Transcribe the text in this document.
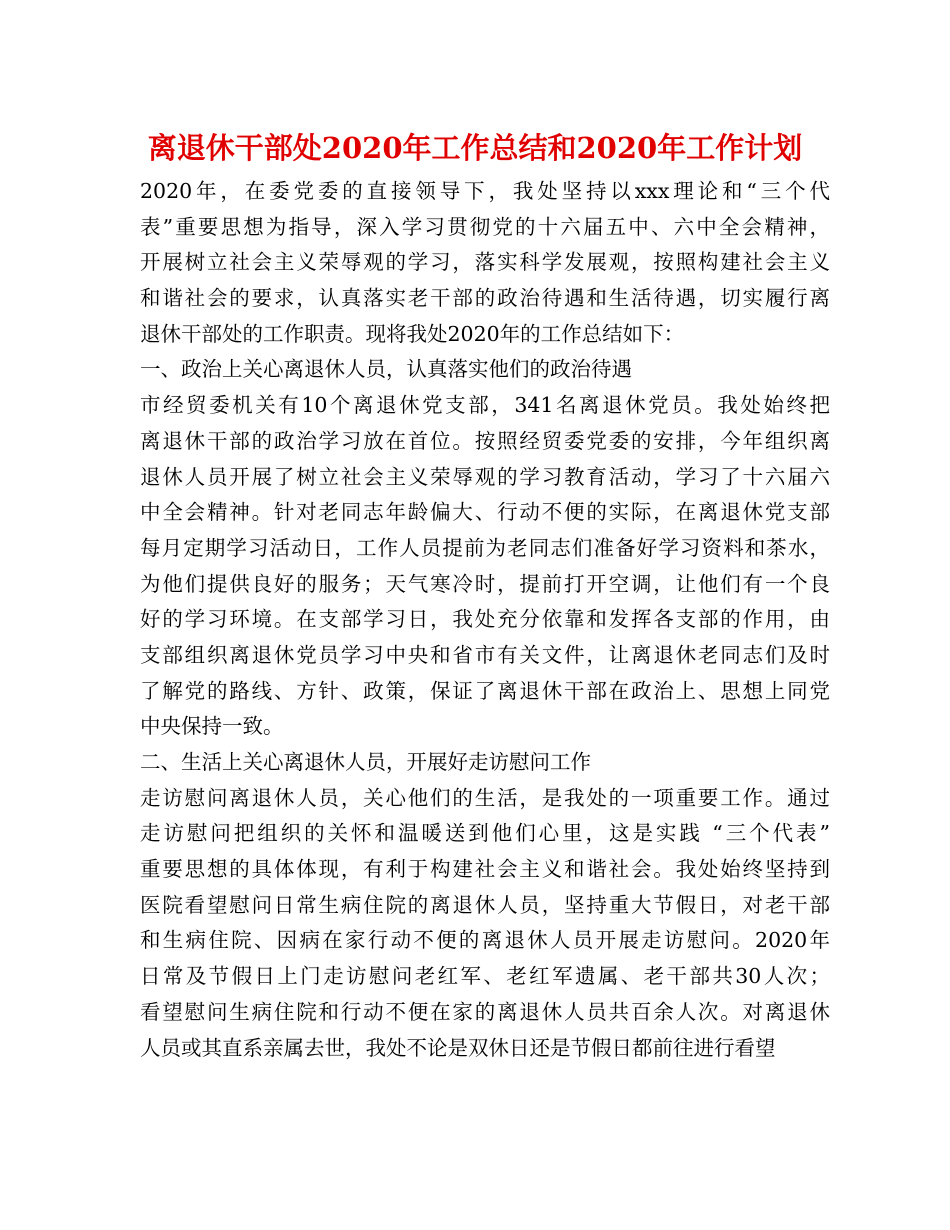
离退休干部处2020年工作总结和2020年工作计划
2020年，在委党委的直接领导下，我处坚持以xxx理论和“三个代
表”重要思想为指导，深入学习贯彻党的十六届五中、六中全会精神，
开展树立社会主义荣辱观的学习，落实科学发展观，按照构建社会主义
和谐社会的要求，认真落实老干部的政治待遇和生活待遇，切实履行离
退休干部处的工作职责。现将我处2020年的工作总结如下：
一、政治上关心离退休人员，认真落实他们的政治待遇
市经贸委机关有10个离退休党支部，341名离退休党员。我处始终把
离退休干部的政治学习放在首位。按照经贸委党委的安排，今年组织离
退休人员开展了树立社会主义荣辱观的学习教育活动，学习了十六届六
中全会精神。针对老同志年龄偏大、行动不便的实际，在离退休党支部
每月定期学习活动日，工作人员提前为老同志们准备好学习资料和茶水，
为他们提供良好的服务；天气寒冷时，提前打开空调，让他们有一个良
好的学习环境。在支部学习日，我处充分依靠和发挥各支部的作用，由
支部组织离退休党员学习中央和省市有关文件，让离退休老同志们及时
了解党的路线、方针、政策，保证了离退休干部在政治上、思想上同党
中央保持一致。
二、生活上关心离退休人员，开展好走访慰问工作
走访慰问离退休人员，关心他们的生活，是我处的一项重要工作。通过
走访慰问把组织的关怀和温暖送到他们心里，这是实践 “三个代表”
重要思想的具体体现，有利于构建社会主义和谐社会。我处始终坚持到
医院看望慰问日常生病住院的离退休人员，坚持重大节假日，对老干部
和生病住院、因病在家行动不便的离退休人员开展走访慰问。2020年
日常及节假日上门走访慰问老红军、老红军遗属、老干部共30人次；
看望慰问生病住院和行动不便在家的离退休人员共百余人次。对离退休
人员或其直系亲属去世，我处不论是双休日还是节假日都前往进行看望
